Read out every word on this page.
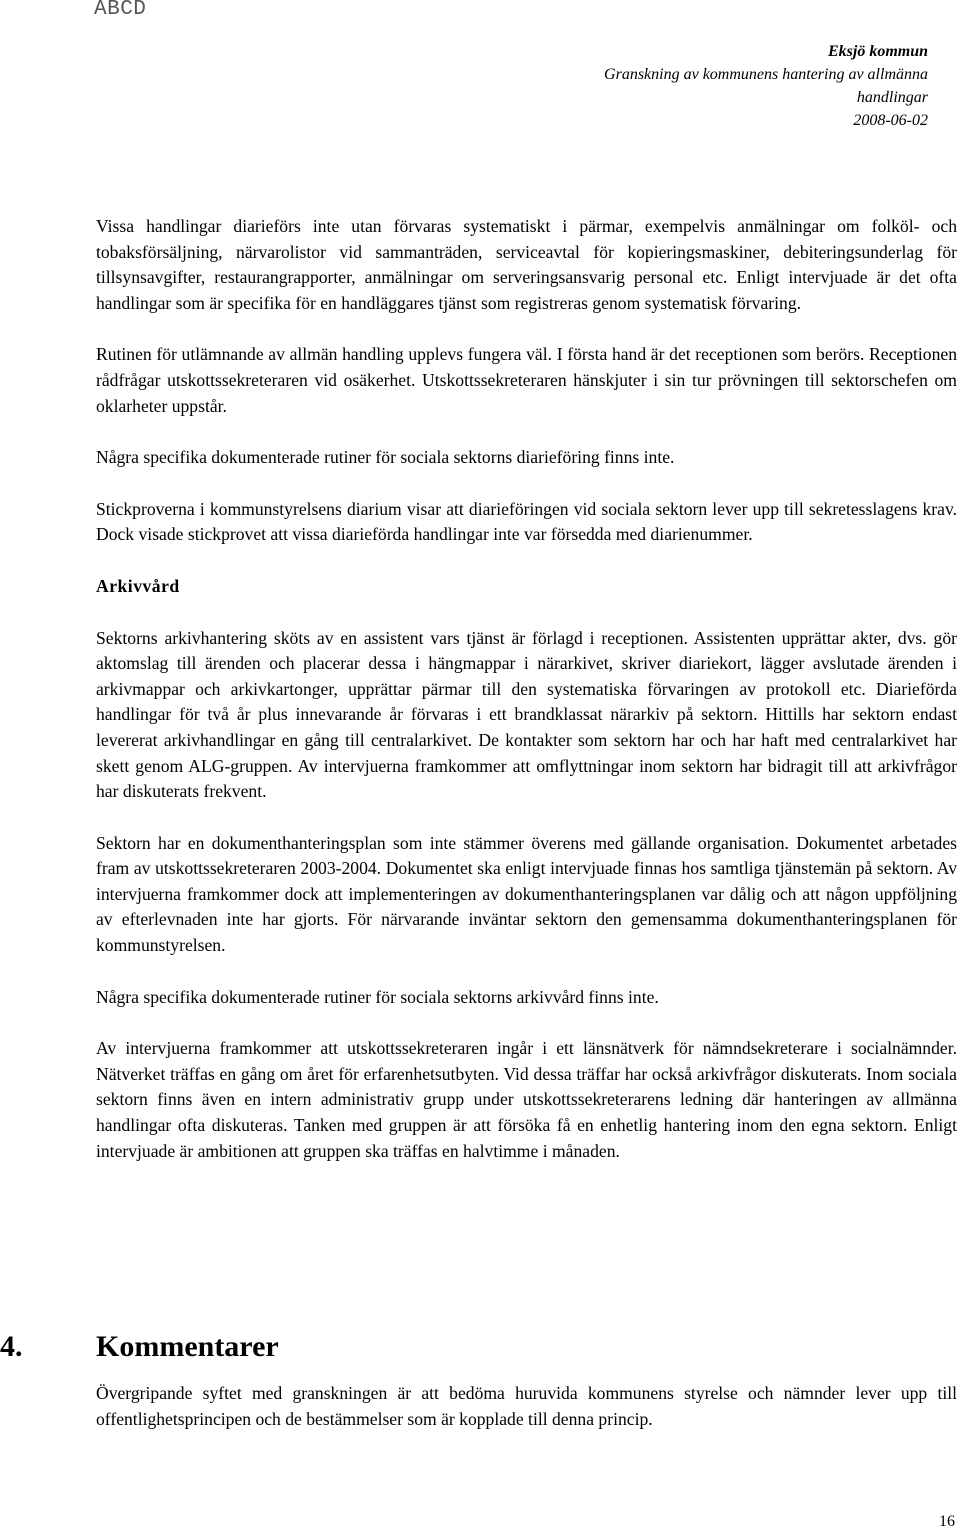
ABCD
Eksjö kommun
Granskning av kommunens hantering av allmänna
handlingar
2008-06-02

Vissa handlingar diarieförs inte utan förvaras systematiskt i pärmar, exempelvis anmälningar om folköl- och tobaksförsäljning, närvarolistor vid sammanträden, serviceavtal för kopieringsmaskiner, debiteringsunderlag för tillsynsavgifter, restaurangrapporter, anmälningar om serveringsansvarig personal etc. Enligt intervjuade är det ofta handlingar som är specifika för en handläggares tjänst som registreras genom systematisk förvaring.

Rutinen för utlämnande av allmän handling upplevs fungera väl. I första hand är det receptionen som berörs. Receptionen rådfrågar utskottssekreteraren vid osäkerhet. Utskottssekreteraren hänskjuter i sin tur prövningen till sektorschefen om oklarheter uppstår.

Några specifika dokumenterade rutiner för sociala sektorns diarieföring finns inte.

Stickproverna i kommunstyrelsens diarium visar att diarieföringen vid sociala sektorn lever upp till sekretesslagens krav. Dock visade stickprovet att vissa diarieförda handlingar inte var försedda med diarienummer.

Arkivvård

Sektorns arkivhantering sköts av en assistent vars tjänst är förlagd i receptionen. Assistenten upprättar akter, dvs. gör aktomslag till ärenden och placerar dessa i hängmappar i närarkivet, skriver diariekort, lägger avslutade ärenden i arkivmappar och arkivkartonger, upprättar pärmar till den systematiska förvaringen av protokoll etc. Diarieförda handlingar för två år plus innevarande år förvaras i ett brandklassat närarkiv på sektorn. Hittills har sektorn endast levererat arkivhandlingar en gång till centralarkivet. De kontakter som sektorn har och har haft med centralarkivet har skett genom ALG-gruppen. Av intervjuerna framkommer att omflyttningar inom sektorn har bidragit till att arkivfrågor har diskuterats frekvent.

Sektorn har en dokumenthanteringsplan som inte stämmer överens med gällande organisation. Dokumentet arbetades fram av utskottssekreteraren 2003-2004. Dokumentet ska enligt intervjuade finnas hos samtliga tjänstemän på sektorn. Av intervjuerna framkommer dock att implementeringen av dokumenthanteringsplanen var dålig och att någon uppföljning av efterlevnaden inte har gjorts. För närvarande inväntar sektorn den gemensamma dokumenthanteringsplanen för kommunstyrelsen.

Några specifika dokumenterade rutiner för sociala sektorns arkivvård finns inte.

Av intervjuerna framkommer att utskottssekreteraren ingår i ett länsnätverk för nämndsekreterare i socialnämnder. Nätverket träffas en gång om året för erfarenhetsutbyten. Vid dessa träffar har också arkivfrågor diskuterats. Inom sociala sektorn finns även en intern administrativ grupp under utskottssekreterarens ledning där hanteringen av allmänna handlingar ofta diskuteras. Tanken med gruppen är att försöka få en enhetlig hantering inom den egna sektorn. Enligt intervjuade är ambitionen att gruppen ska träffas en halvtimme i månaden.

4. Kommentarer

Övergripande syftet med granskningen är att bedöma huruvida kommunens styrelse och nämnder lever upp till offentlighetsprincipen och de bestämmelser som är kopplade till denna princip.

16
